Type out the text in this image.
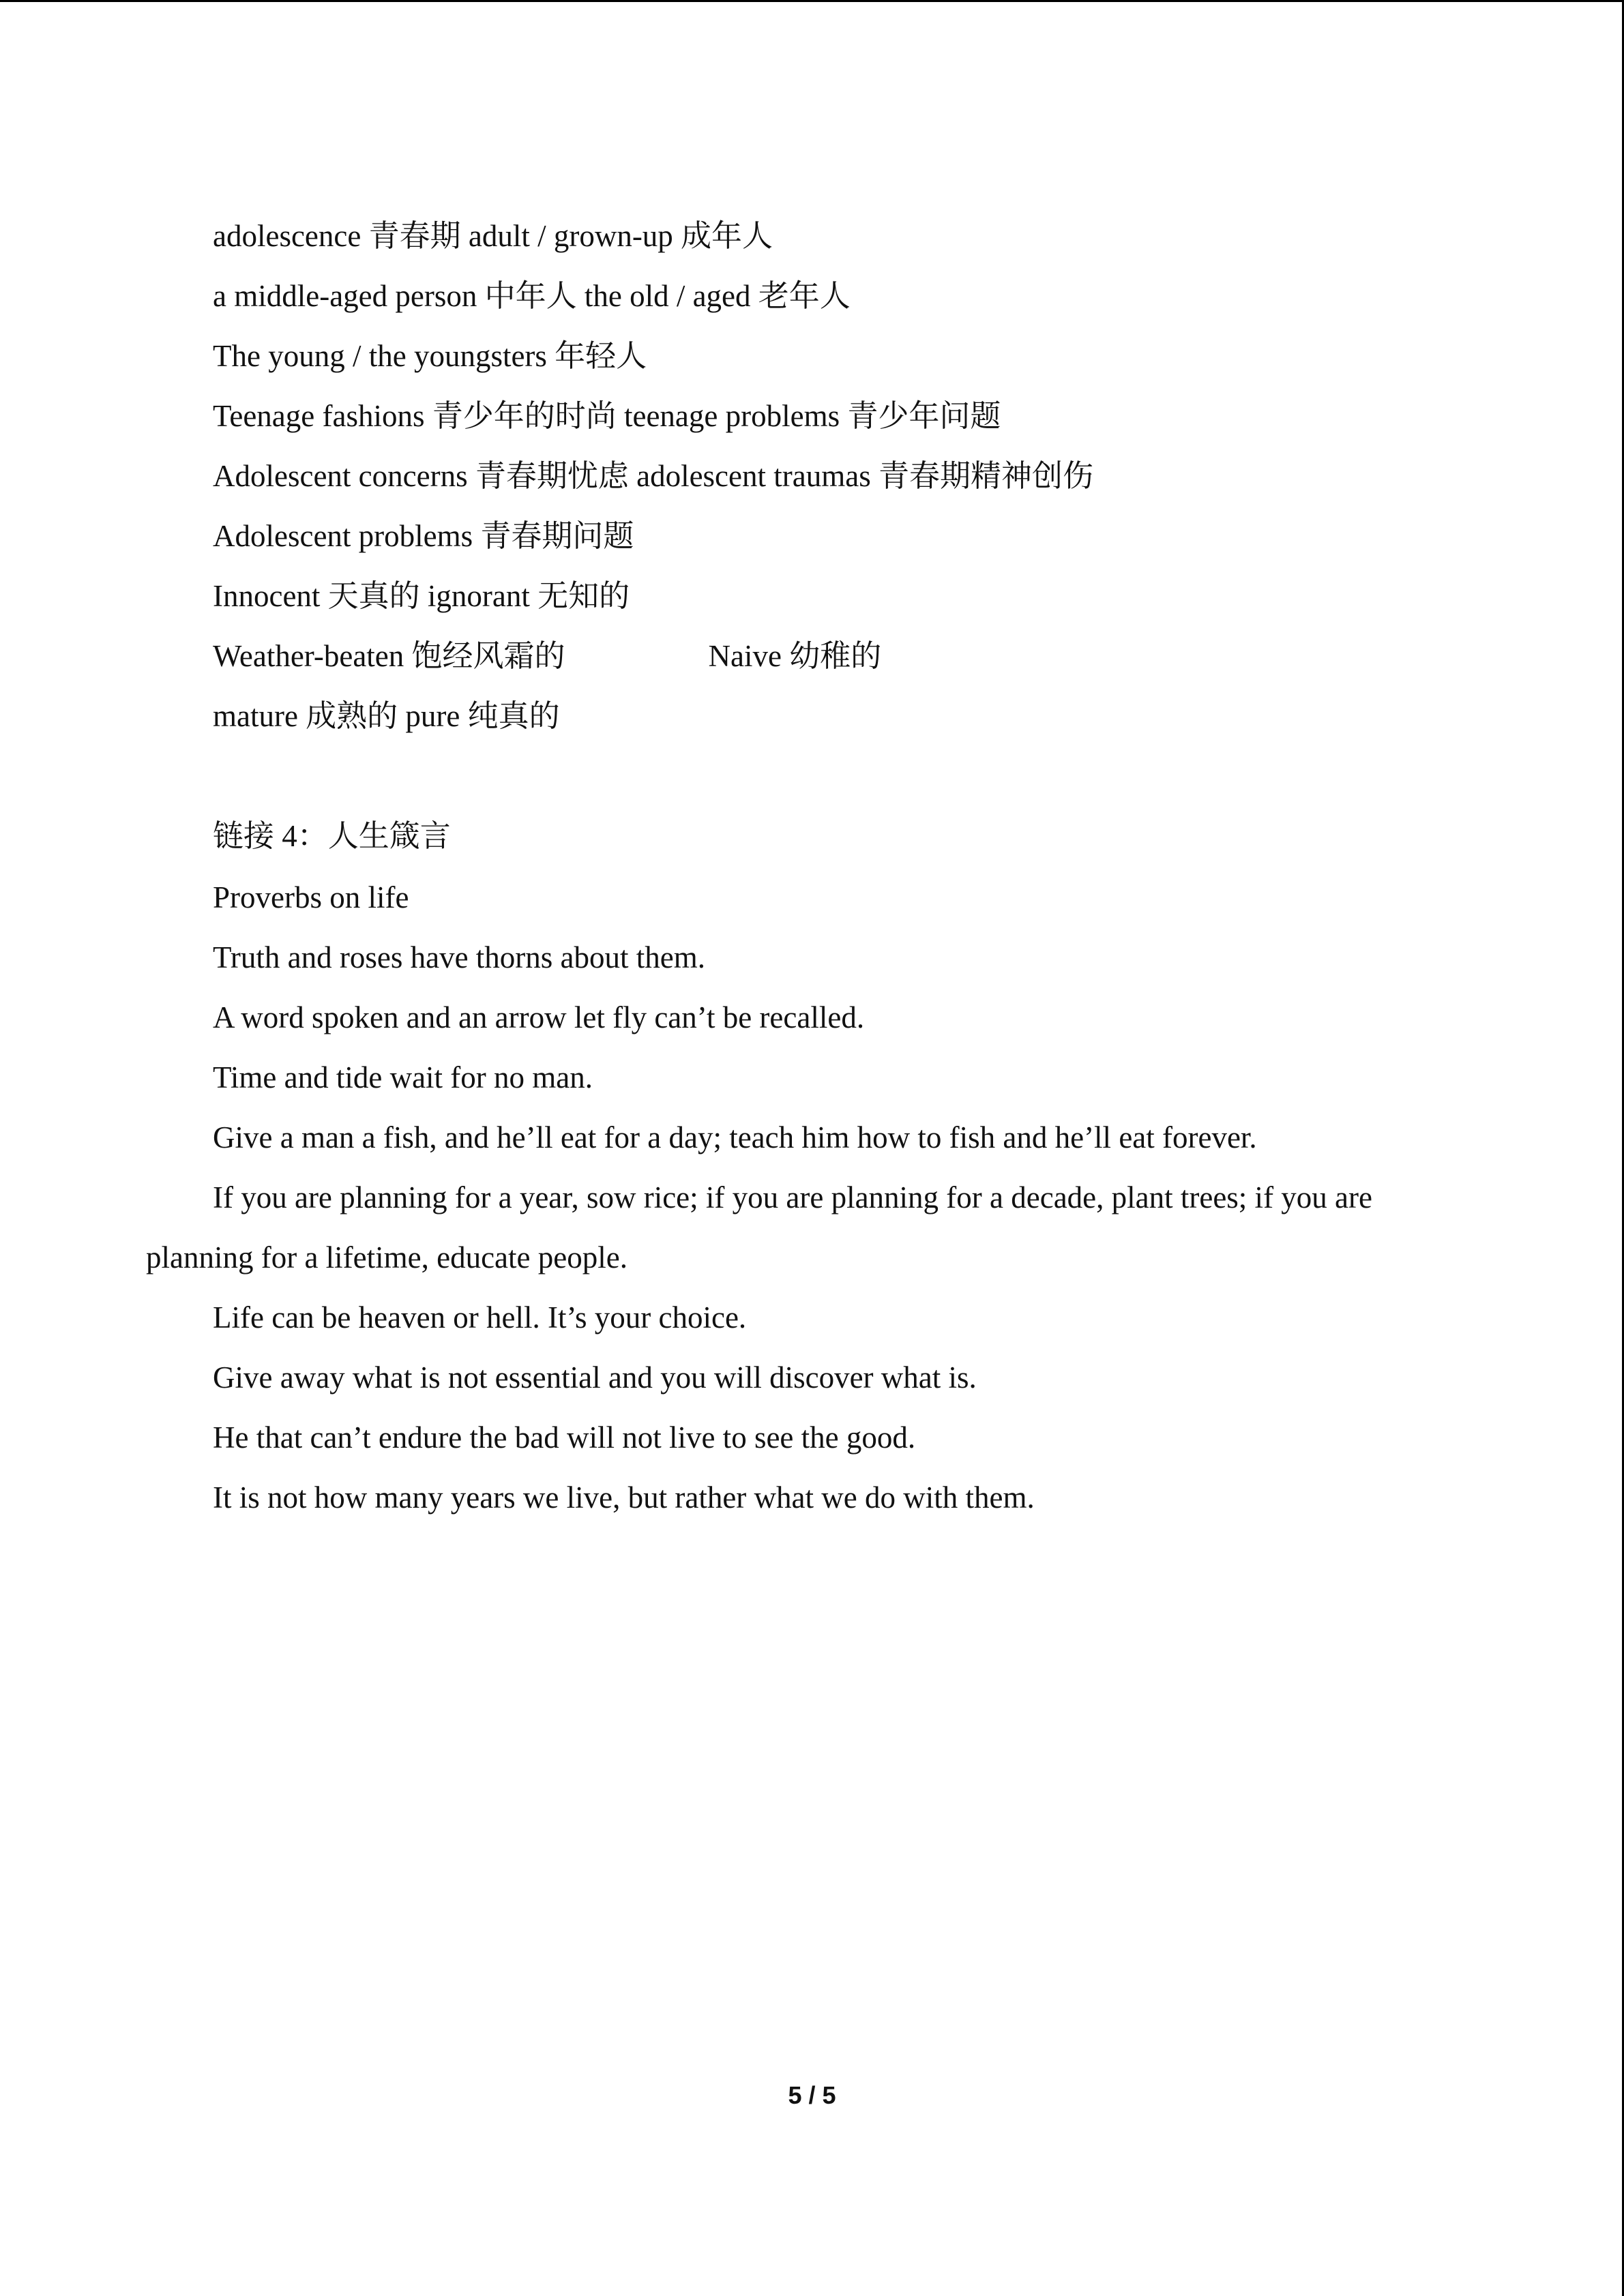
adolescence 青春期 adult / grown-up 成年人
a middle-aged person 中年人 the old / aged 老年人
The young / the youngsters 年轻人
Teenage fashions 青少年的时尚 teenage problems 青少年问题
Adolescent concerns 青春期忧虑 adolescent traumas 青春期精神创伤
Adolescent problems 青春期问题
Innocent 天真的 ignorant 无知的
Weather-beaten 饱经风霜的	Naive 幼稚的
mature 成熟的 pure 纯真的
链接 4：人生箴言
Proverbs on life
Truth and roses have thorns about them.
A word spoken and an arrow let fly can’t be recalled.
Time and tide wait for no man.
Give a man a fish, and he’ll eat for a day; teach him how to fish and he’ll eat forever.
If you are planning for a year, sow rice; if you are planning for a decade, plant trees; if you are planning for a lifetime, educate people.
Life can be heaven or hell. It’s your choice.
Give away what is not essential and you will discover what is.
He that can’t endure the bad will not live to see the good.
It is not how many years we live, but rather what we do with them.
5 / 5
